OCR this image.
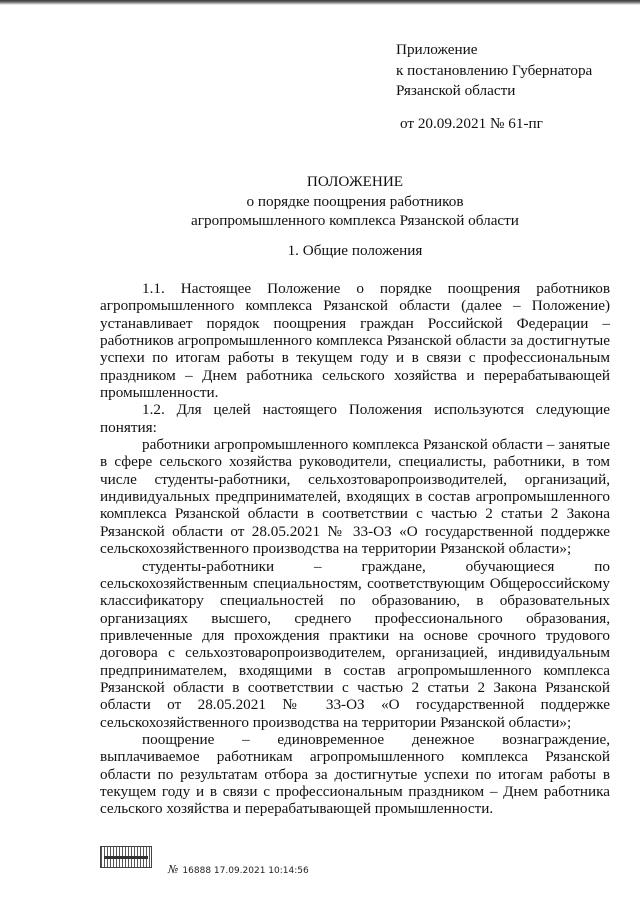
Приложение
к постановлению Губернатора
Рязанской области
от 20.09.2021 № 61-пг
ПОЛОЖЕНИЕ
о порядке поощрения работников
агропромышленного комплекса Рязанской области
1. Общие положения

1.1. Настоящее Положение о порядке поощрения работников агропромышленного комплекса Рязанской области (далее – Положение) устанавливает порядок поощрения граждан Российской Федерации – работников агропромышленного комплекса Рязанской области за достигнутые успехи по итогам работы в текущем году и в связи с профессиональным праздником – Днем работника сельского хозяйства и перерабатывающей промышленности.

1.2. Для целей настоящего Положения используются следующие понятия:

работники агропромышленного комплекса Рязанской области – занятые в сфере сельского хозяйства руководители, специалисты, работники, в том числе студенты-работники, сельхозтоваропроизводителей, организаций, индивидуальных предпринимателей, входящих в состав агропромышленного комплекса Рязанской области в соответствии с частью 2 статьи 2 Закона Рязанской области от 28.05.2021 № 33-ОЗ «О государственной поддержке сельскохозяйственного производства на территории Рязанской области»;

студенты-работники – граждане, обучающиеся по сельскохозяйственным специальностям, соответствующим Общероссийскому классификатору специальностей по образованию, в образовательных организациях высшего, среднего профессионального образования, привлеченные для прохождения практики на основе срочного трудового договора с сельхозтоваропроизводителем, организацией, индивидуальным предпринимателем, входящими в состав агропромышленного комплекса Рязанской области в соответствии с частью 2 статьи 2 Закона Рязанской области от 28.05.2021 № 33-ОЗ «О государственной поддержке сельскохозяйственного производства на территории Рязанской области»;

поощрение – единовременное денежное вознаграждение, выплачиваемое работникам агропромышленного комплекса Рязанской области по результатам отбора за достигнутые успехи по итогам работы в текущем году и в связи с профессиональным праздником – Днем работника сельского хозяйства и перерабатывающей промышленности.

№ 16888 17.09.2021 10:14:56
